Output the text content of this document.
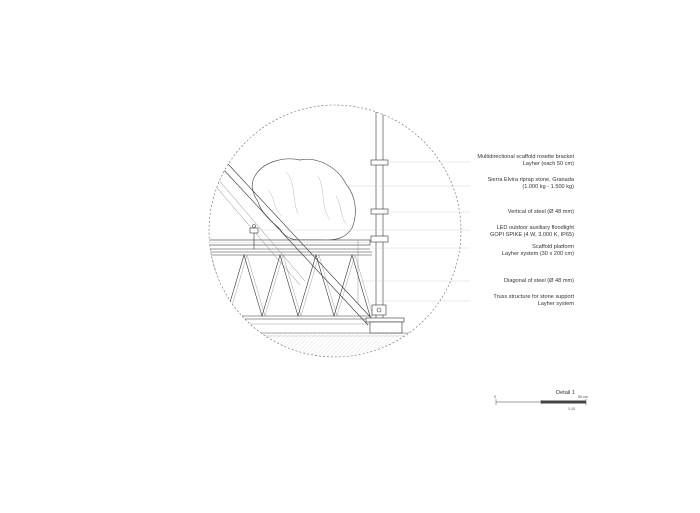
Multidirectional scaffold rosette bracket
Layher (each 50 cm)
Sierra Elvira riprap stone, Granada
(1.000 kg - 1.500 kg)
Vertical of steel (Ø 48 mm)
LED outdoor auxiliary floodlight
GOPI SPIKE (4 W, 3.000 K, IP65)
Scaffold platform
Layher system (30 x 200 cm)
Diagonal of steel (Ø 48 mm)
Truss structure for stone support
Layher system
Detail 1
0	50 cm
1:10
